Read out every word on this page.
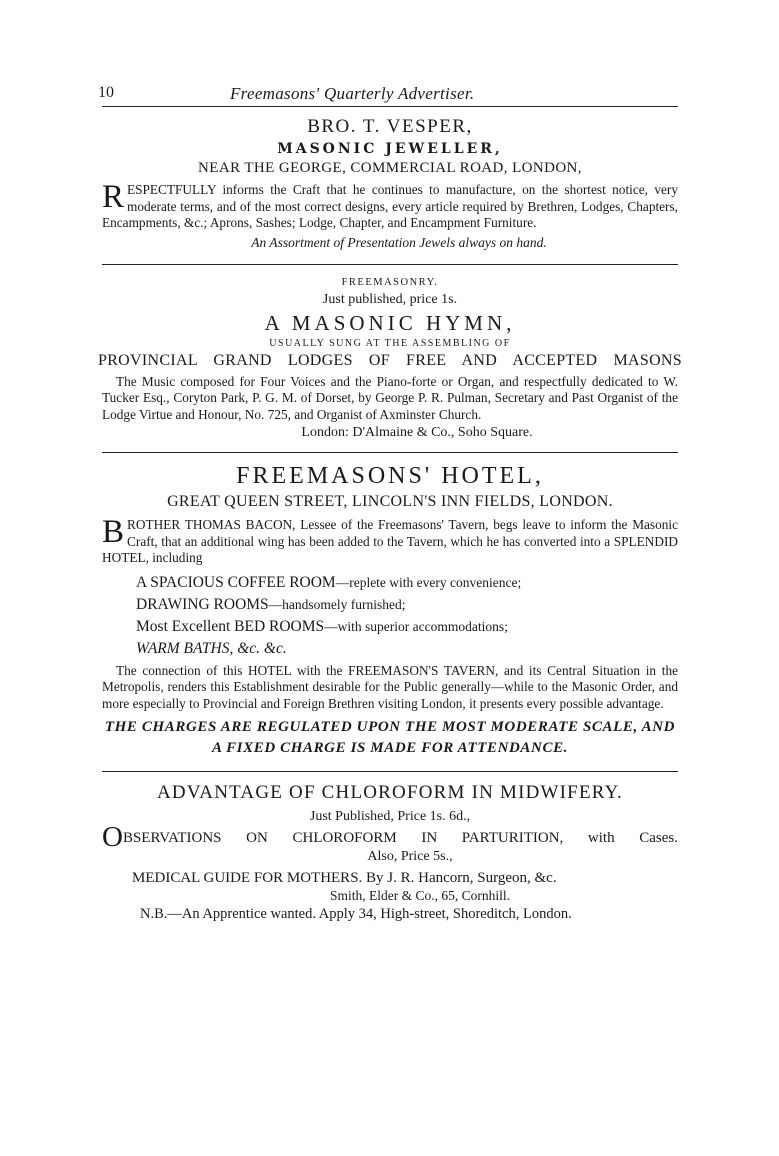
10	Freemasons' Quarterly Advertiser.

BRO. T. VESPER,

MASONIC JEWELLER,

NEAR THE GEORGE, COMMERCIAL ROAD, LONDON,

RESPECTFULLY informs the Craft that he continues to manufacture, on the shortest notice, very moderate terms, and of the most correct designs, every article required by Brethren, Lodges, Chapters, Encampments, &c.; Aprons, Sashes; Lodge, Chapter, and Encampment Furniture.

An Assortment of Presentation Jewels always on hand.

FREEMASONRY.

Just published, price 1s.

A MASONIC HYMN,

USUALLY SUNG AT THE ASSEMBLING OF

PROVINCIAL GRAND LODGES OF FREE AND ACCEPTED MASONS

The Music composed for Four Voices and the Piano-forte or Organ, and respectfully dedicated to W. Tucker Esq., Coryton Park, P. G. M. of Dorset, by George P. R. Pulman, Secretary and Past Organist of the Lodge Virtue and Honour, No. 725, and Organist of Axminster Church.

London: D'Almaine & Co., Soho Square.

FREEMASONS' HOTEL,

GREAT QUEEN STREET, LINCOLN'S INN FIELDS, LONDON.

BROTHER THOMAS BACON, Lessee of the Freemasons' Tavern, begs leave to inform the Masonic Craft, that an additional wing has been added to the Tavern, which he has converted into a SPLENDID HOTEL, including
A SPACIOUS COFFEE ROOM—replete with every convenience;
DRAWING ROOMS—handsomely furnished;
Most Excellent BED ROOMS—with superior accommodations;
WARM BATHS, &c. &c.

The connection of this HOTEL with the FREEMASON'S TAVERN, and its Central Situation in the Metropolis, renders this Establishment desirable for the Public generally—while to the Masonic Order, and more especially to Provincial and Foreign Brethren visiting London, it presents every possible advantage.

THE CHARGES ARE REGULATED UPON THE MOST MODERATE SCALE, AND A FIXED CHARGE IS MADE FOR ATTENDANCE.

ADVANTAGE OF CHLOROFORM IN MIDWIFERY.

Just Published, Price 1s. 6d.,

OBSERVATIONS ON CHLOROFORM IN PARTURITION, with Cases.

Also, Price 5s.,

MEDICAL GUIDE FOR MOTHERS. By J. R. Hancorn, Surgeon, &c.

Smith, Elder & Co., 65, Cornhill.

N.B.—An Apprentice wanted. Apply 34, High-street, Shoreditch, London.
